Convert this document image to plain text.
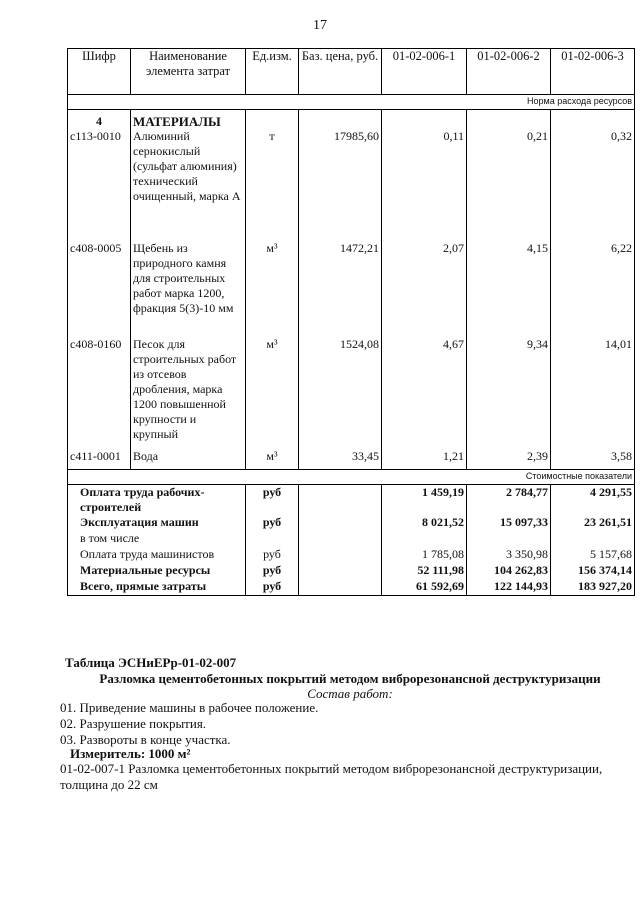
17
Шифр	Наименование элемента затрат	Ед.изм.	Баз. цена, руб.	01-02-006-1	01-02-006-2	01-02-006-3
Норма расхода ресурсов						
4	МАТЕРИАЛЫ					
с113-0010	Алюминий сернокислый (сульфат алюминия) технический очищенный, марка А	т	17985,60	0,11	0,21	0,32
с408-0005	Щебень из природного камня для строительных работ марка 1200, фракция 5(3)-10 мм	м³	1472,21	2,07	4,15	6,22
с408-0160	Песок для строительных работ из отсевов дробления, марка 1200 повышенной крупности и крупный	м³	1524,08	4,67	9,34	14,01
с411-0001	Вода	м³	33,45	1,21	2,39	3,58
Стоимостные показатели						
Оплата труда рабочих-строителей		руб		1 459,19	2 784,77	4 291,55
Эксплуатация машин		руб		8 021,52	15 097,33	23 261,51
в том числе						
Оплата труда машинистов		руб		1 785,08	3 350,98	5 157,68
Материальные ресурсы		руб		52 111,98	104 262,83	156 374,14
Всего, прямые затраты		руб		61 592,69	122 144,93	183 927,20
Таблица ЭСНиЕРр-01-02-007
Разломка цементобетонных покрытий методом виброрезонансной деструктуризации
Состав работ:
01. Приведение машины в рабочее положение.
02. Разрушение покрытия.
03. Развороты в конце участка.
Измеритель: 1000 м²
01-02-007-1 Разломка цементобетонных покрытий методом виброрезонансной деструктуризации,
толщина до 22 см
